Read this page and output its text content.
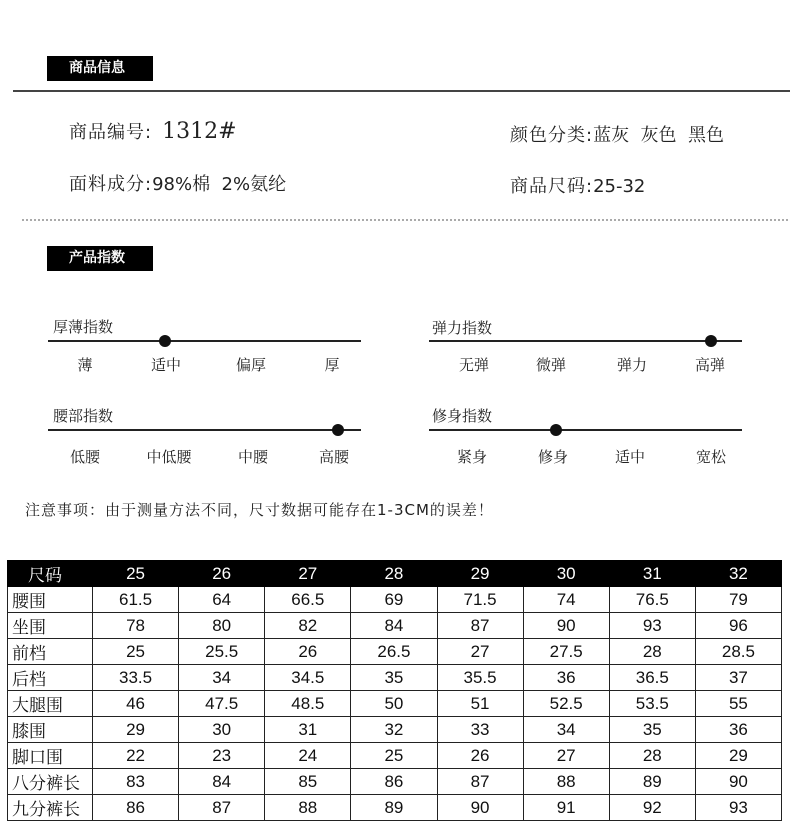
商品信息
商品编号: 1312#	颜色分类:蓝灰  灰色  黑色
面料成分:98%棉  2%氨纶	商品尺码:25-32
产品指数
厚薄指数
薄	适中	偏厚	厚
弹力指数
无弹	微弹	弹力	高弹
腰部指数
低腰	中低腰	中腰	高腰
修身指数
紧身	修身	适中	宽松
注意事项：由于测量方法不同，尺寸数据可能存在1-3CM的误差！
尺码	25	26	27	28	29	30	31	32
腰围	61.5	64	66.5	69	71.5	74	76.5	79
坐围	78	80	82	84	87	90	93	96
前档	25	25.5	26	26.5	27	27.5	28	28.5
后档	33.5	34	34.5	35	35.5	36	36.5	37
大腿围	46	47.5	48.5	50	51	52.5	53.5	55
膝围	29	30	31	32	33	34	35	36
脚口围	22	23	24	25	26	27	28	29
八分裤长	83	84	85	86	87	88	89	90
九分裤长	86	87	88	89	90	91	92	93
